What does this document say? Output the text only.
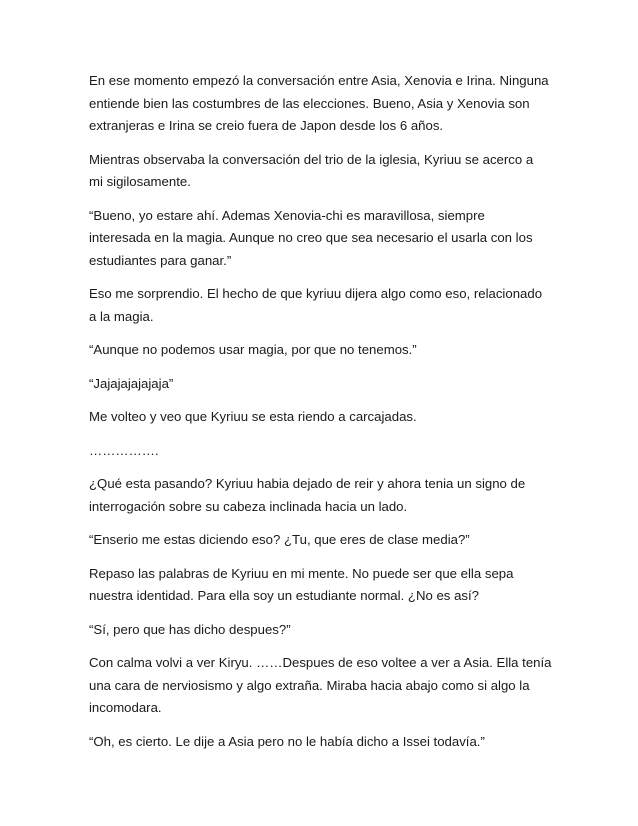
En ese momento empezó la conversación entre Asia, Xenovia e Irina. Ninguna
entiende bien las costumbres de las elecciones. Bueno, Asia y Xenovia son
extranjeras e Irina se creio fuera de Japon desde los 6 años.

Mientras observaba la conversación del trio de la iglesia, Kyriuu se acerco a
mi sigilosamente.

“Bueno, yo estare ahí. Ademas Xenovia-chi es maravillosa, siempre
interesada en la magia. Aunque no creo que sea necesario el usarla con los
estudiantes para ganar.”

Eso me sorprendio. El hecho de que kyriuu dijera algo como eso, relacionado
a la magia.

“Aunque no podemos usar magia, por que no tenemos.”

“Jajajajajajaja”

Me volteo y veo que Kyriuu se esta riendo a carcajadas.

…………….

¿Qué esta pasando? Kyriuu habia dejado de reir y ahora tenia un signo de
interrogación sobre su cabeza inclinada hacia un lado.

“Enserio me estas diciendo eso? ¿Tu, que eres de clase media?”

Repaso las palabras de Kyriuu en mi mente. No puede ser que ella sepa
nuestra identidad. Para ella soy un estudiante normal. ¿No es así?

“Sí, pero que has dicho despues?”

Con calma volvi a ver Kiryu. ……Despues de eso voltee a ver a Asia. Ella tenía
una cara de nerviosismo y algo extraña. Miraba hacia abajo como si algo la
incomodara.

“Oh, es cierto. Le dije a Asia pero no le había dicho a Issei todavía.”
